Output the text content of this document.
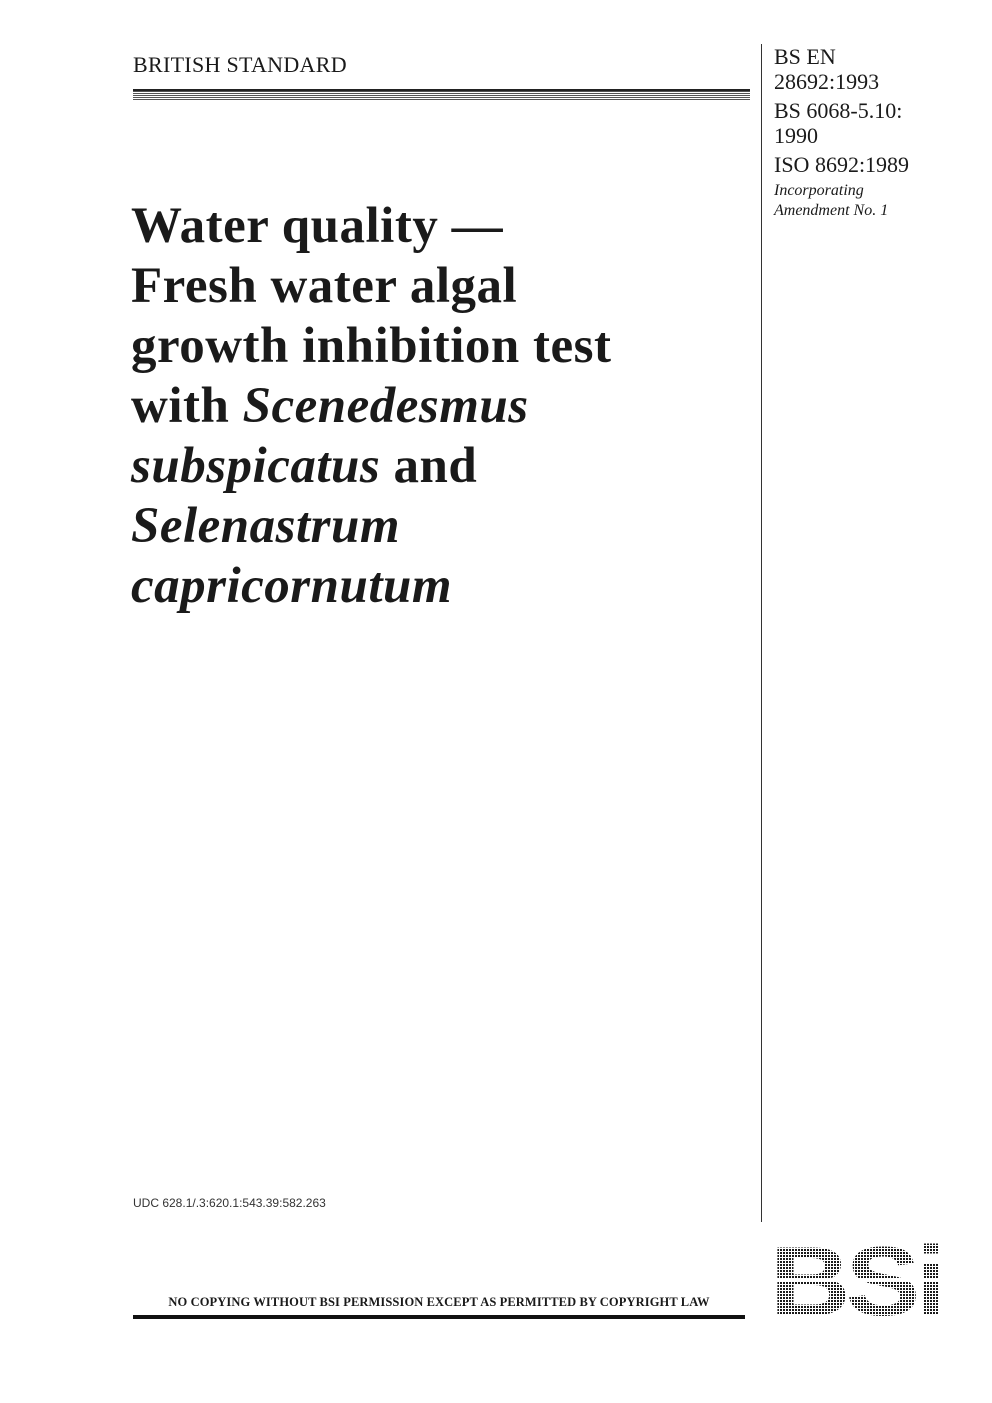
BRITISH STANDARD	BS EN
28692:1993
BS 6068-5.10:
1990
ISO 8692:1989
Incorporating
Amendment No. 1
Water quality —
Fresh water algal
growth inhibition test
with Scenedesmus
subspicatus and
Selenastrum
capricornutum
UDC 628.1/.3:620.1:543.39:582.263
NO COPYING WITHOUT BSI PERMISSION EXCEPT AS PERMITTED BY COPYRIGHT LAW
